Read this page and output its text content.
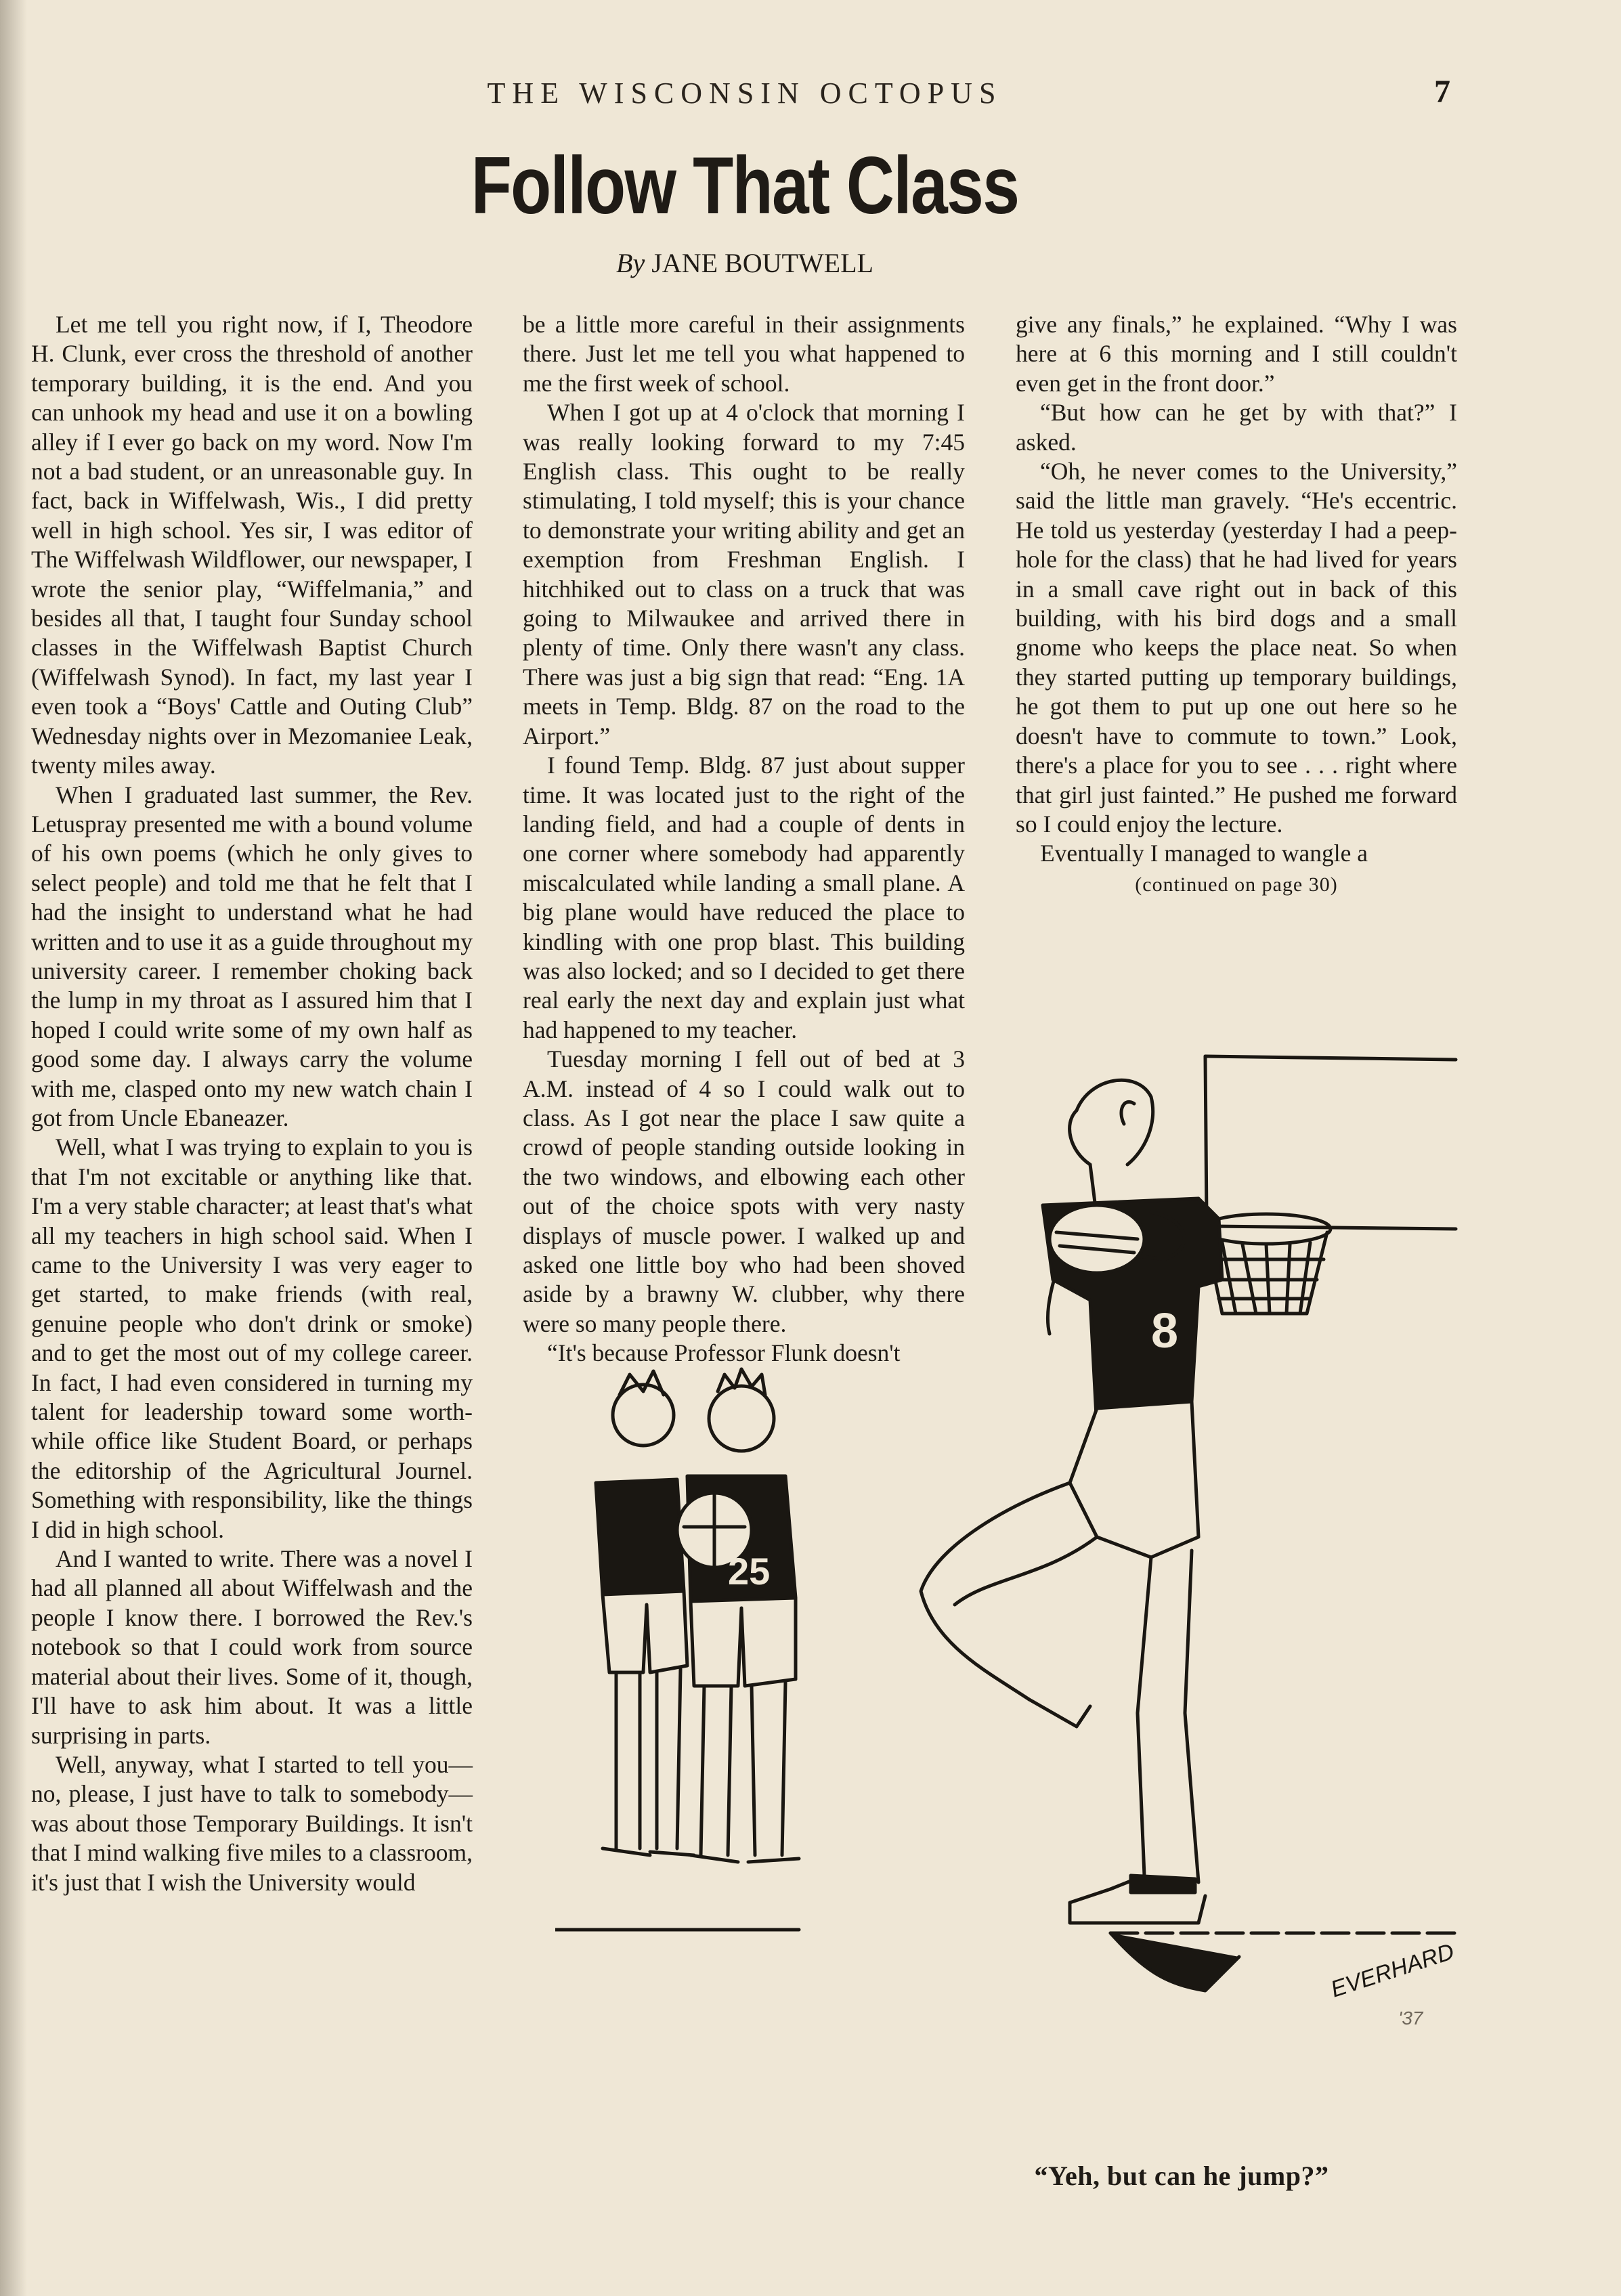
THE WISCONSIN OCTOPUS	7
Follow That Class
By JANE BOUTWELL

Let me tell you right now, if I, Theodore H. Clunk, ever cross the threshold of another temporary building, it is the end. And you can unhook my head and use it on a bowling alley if I ever go back on my word. Now I'm not a bad student, or an unreasonable guy. In fact, back in Wiffelwash, Wis., I did pretty well in high school. Yes sir, I was editor of The Wiffelwash Wildflower, our newspaper, I wrote the senior play, “Wiffelmania,” and besides all that, I taught four Sunday school classes in the Wiffelwash Baptist Church (Wiffelwash Synod). In fact, my last year I even took a “Boys' Cattle and Outing Club” Wednesday nights over in Mezomaniee Leak, twenty miles away.

When I graduated last summer, the Rev. Letuspray presented me with a bound volume of his own poems (which he only gives to select people) and told me that he felt that I had the insight to understand what he had written and to use it as a guide throughout my university career. I remember choking back the lump in my throat as I assured him that I hoped I could write some of my own half as good some day. I always carry the volume with me, clasped onto my new watch chain I got from Uncle Ebaneazer.

Well, what I was trying to explain to you is that I'm not excitable or anything like that. I'm a very stable character; at least that's what all my teachers in high school said. When I came to the University I was very eager to get started, to make friends (with real, genuine people who don't drink or smoke) and to get the most out of my college career. In fact, I had even considered in turning my talent for leadership toward some worth-while office like Student Board, or perhaps the editorship of the Agricultural Journel. Something with responsibility, like the things I did in high school.

And I wanted to write. There was a novel I had all planned all about Wiffelwash and the people I know there. I borrowed the Rev.'s notebook so that I could work from source material about their lives. Some of it, though, I'll have to ask him about. It was a little surprising in parts.

Well, anyway, what I started to tell you—no, please, I just have to talk to somebody—was about those Temporary Buildings. It isn't that I mind walking five miles to a classroom, it's just that I wish the University would

be a little more careful in their assignments there. Just let me tell you what happened to me the first week of school.

When I got up at 4 o'clock that morning I was really looking forward to my 7:45 English class. This ought to be really stimulating, I told myself; this is your chance to demonstrate your writing ability and get an exemption from Freshman English. I hitchhiked out to class on a truck that was going to Milwaukee and arrived there in plenty of time. Only there wasn't any class. There was just a big sign that read: “Eng. 1A meets in Temp. Bldg. 87 on the road to the Airport.”

I found Temp. Bldg. 87 just about supper time. It was located just to the right of the landing field, and had a couple of dents in one corner where somebody had apparently miscalculated while landing a small plane. A big plane would have reduced the place to kindling with one prop blast. This building was also locked; and so I decided to get there real early the next day and explain just what had happened to my teacher.

Tuesday morning I fell out of bed at 3 A.M. instead of 4 so I could walk out to class. As I got near the place I saw quite a crowd of people standing outside looking in the two windows, and elbowing each other out of the choice spots with very nasty displays of muscle power. I walked up and asked one little boy who had been shoved aside by a brawny W. clubber, why there were so many people there.

“It's because Professor Flunk doesn't

give any finals,” he explained. “Why I was here at 6 this morning and I still couldn't even get in the front door.”

“But how can he get by with that?” I asked.

“Oh, he never comes to the University,” said the little man gravely. “He's eccentric. He told us yesterday (yesterday I had a peep-hole for the class) that he had lived for years in a small cave right out in back of this building, with his bird dogs and a small gnome who keeps the place neat. So when they started putting up temporary buildings, he got them to put up one out here so he doesn't have to commute to town.” Look, there's a place for you to see . . . right where that girl just fainted.” He pushed me forward so I could enjoy the lecture.

Eventually I managed to wangle a

(continued on page 30)
8
25
EVERHARD
'37
“Yeh, but can he jump?”
